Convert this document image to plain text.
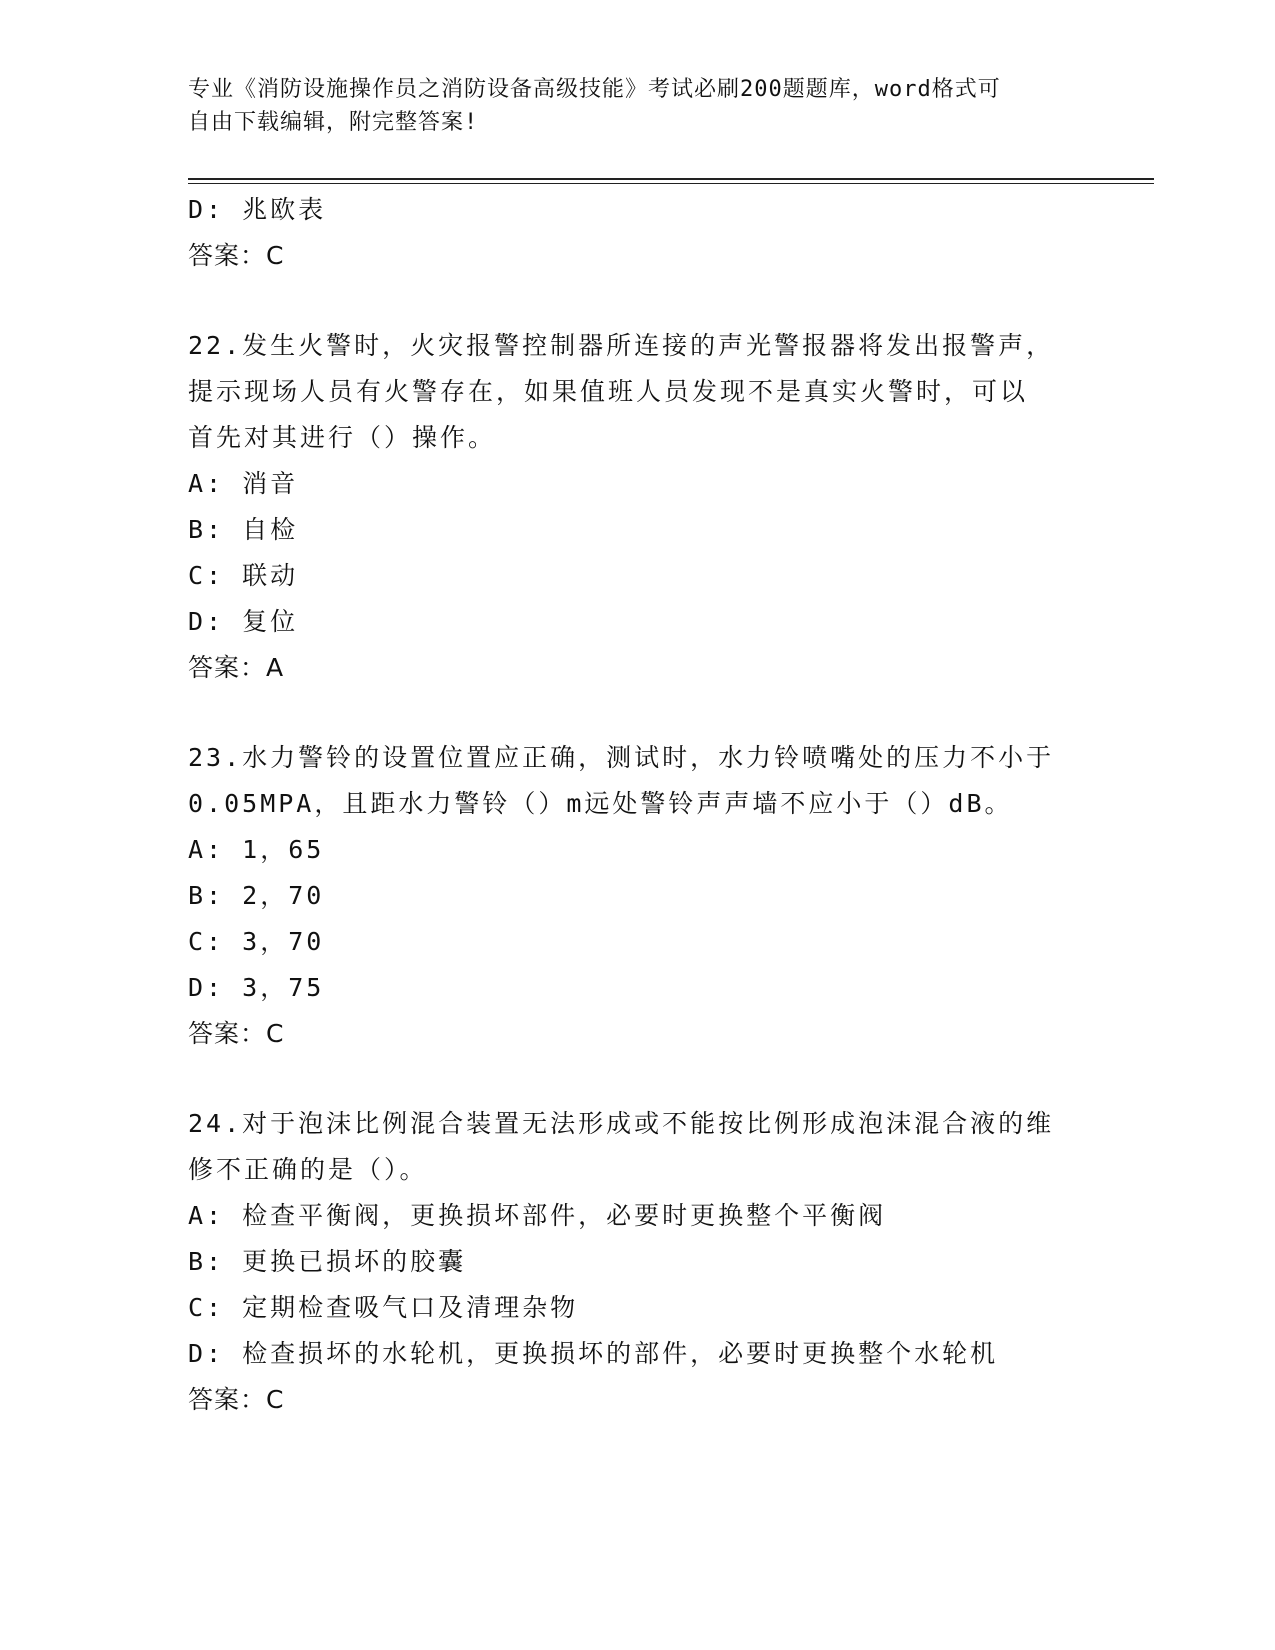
专业《消防设施操作员之消防设备高级技能》考试必刷200题题库，word格式可
自由下载编辑，附完整答案!
D: 兆欧表
答案：C
22.发生火警时，火灾报警控制器所连接的声光警报器将发出报警声，
提示现场人员有火警存在，如果值班人员发现不是真实火警时，可以
首先对其进行（）操作。
A: 消音
B: 自检
C: 联动
D: 复位
答案：A
23.水力警铃的设置位置应正确，测试时，水力铃喷嘴处的压力不小于
0.05MPA，且距水力警铃（）m远处警铃声声墙不应小于（）dB。
A: 1，65
B: 2，70
C: 3，70
D: 3，75
答案：C
24.对于泡沫比例混合装置无法形成或不能按比例形成泡沫混合液的维
修不正确的是（）。
A: 检查平衡阀，更换损坏部件，必要时更换整个平衡阀
B: 更换已损坏的胶囊
C: 定期检查吸气口及清理杂物
D: 检查损坏的水轮机，更换损坏的部件，必要时更换整个水轮机
答案：C
